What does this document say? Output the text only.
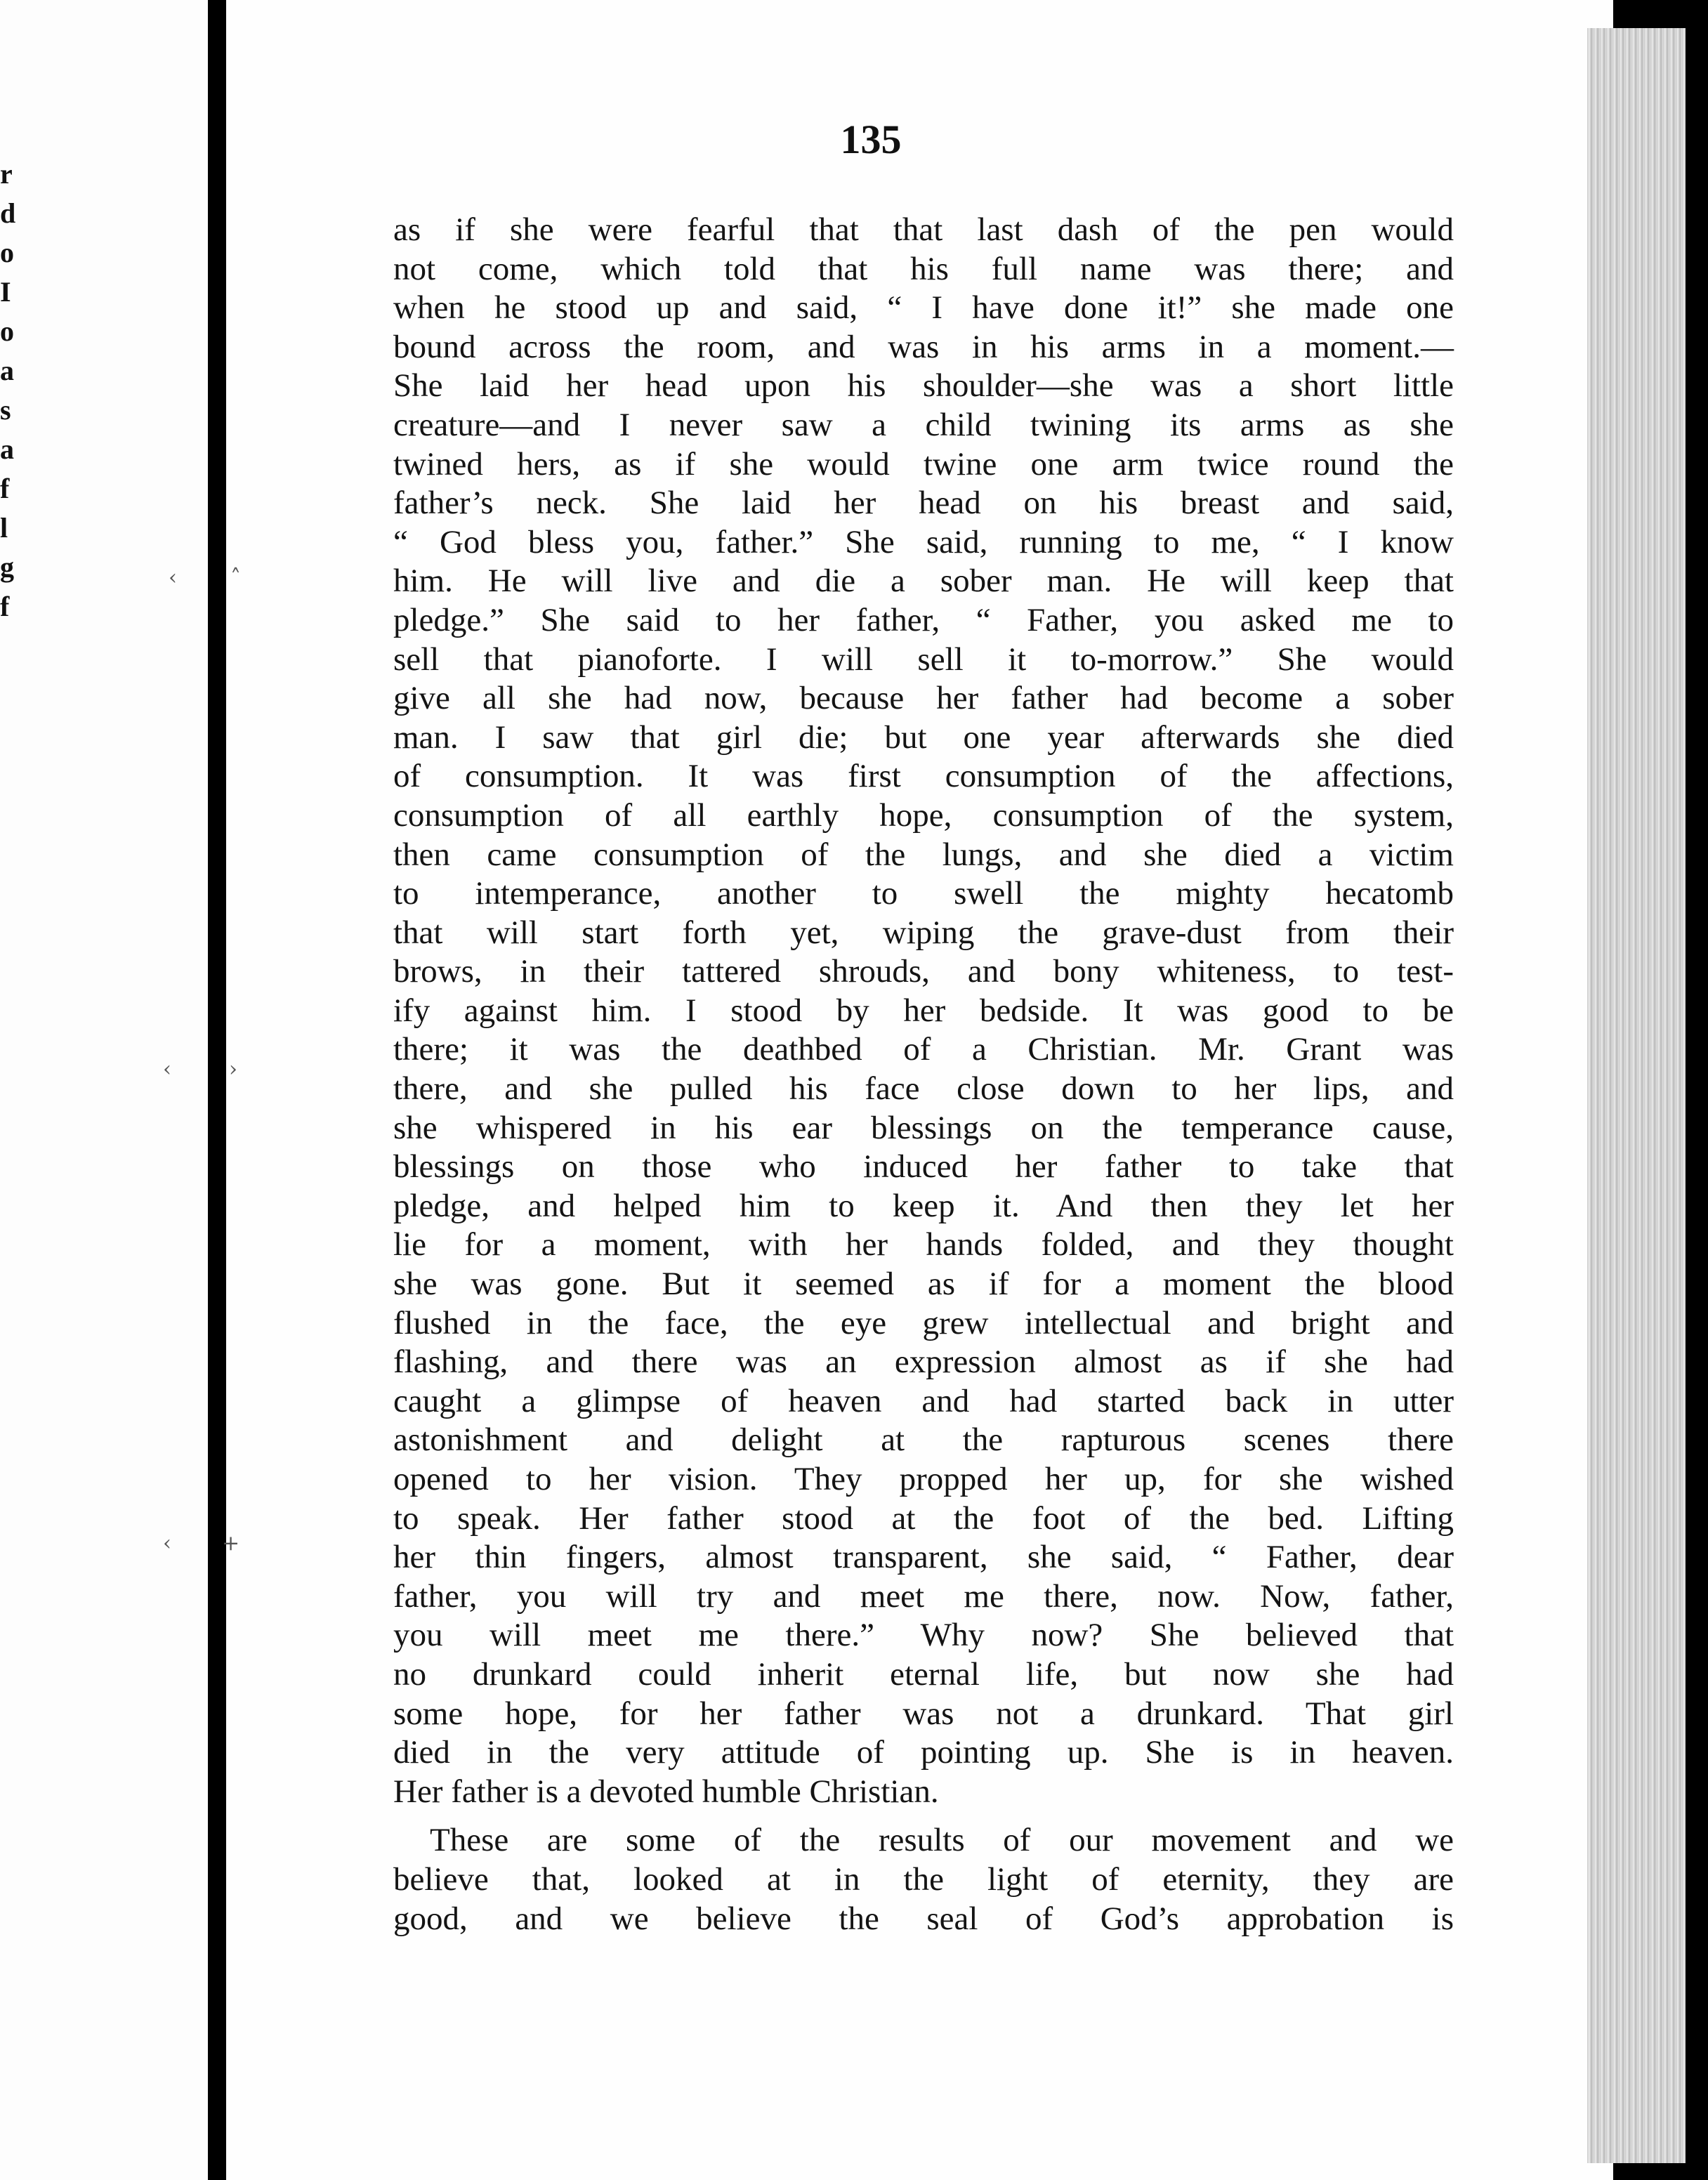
r
d
o
I
o
a
s
a
f
l
g
f
‹	˄
‹	›
‹ +
135
as if she were fearful that that last dash of the pen would
not come, which told that his full name was there; and
when he stood up and said, “ I have done it!” she made one
bound across the room, and was in his arms in a moment.—
She laid her head upon his shoulder—she was a short little
creature—and I never saw a child twining its arms as she
twined hers, as if she would twine one arm twice round the
father’s neck. She laid her head on his breast and said,
“ God bless you, father.” She said, running to me, “ I know
him. He will live and die a sober man. He will keep that
pledge.” She said to her father, “ Father, you asked me to
sell that pianoforte. I will sell it to-morrow.” She would
give all she had now, because her father had become a sober
man. I saw that girl die; but one year afterwards she died
of consumption. It was first consumption of the affections,
consumption of all earthly hope, consumption of the system,
then came consumption of the lungs, and she died a victim
to intemperance, another to swell the mighty hecatomb
that will start forth yet, wiping the grave-dust from their
brows, in their tattered shrouds, and bony whiteness, to test-
ify against him. I stood by her bedside. It was good to be
there; it was the deathbed of a Christian. Mr. Grant was
there, and she pulled his face close down to her lips, and
she whispered in his ear blessings on the temperance cause,
blessings on those who induced her father to take that
pledge, and helped him to keep it. And then they let her
lie for a moment, with her hands folded, and they thought
she was gone. But it seemed as if for a moment the blood
flushed in the face, the eye grew intellectual and bright and
flashing, and there was an expression almost as if she had
caught a glimpse of heaven and had started back in utter
astonishment and delight at the rapturous scenes there
opened to her vision. They propped her up, for she wished
to speak. Her father stood at the foot of the bed. Lifting
her thin fingers, almost transparent, she said, “ Father, dear
father, you will try and meet me there, now. Now, father,
you will meet me there.” Why now? She believed that
no drunkard could inherit eternal life, but now she had
some hope, for her father was not a drunkard. That girl
died in the very attitude of pointing up. She is in heaven.
Her father is a devoted humble Christian.
These are some of the results of our movement and we
believe that, looked at in the light of eternity, they are
good, and we believe the seal of God’s approbation is
